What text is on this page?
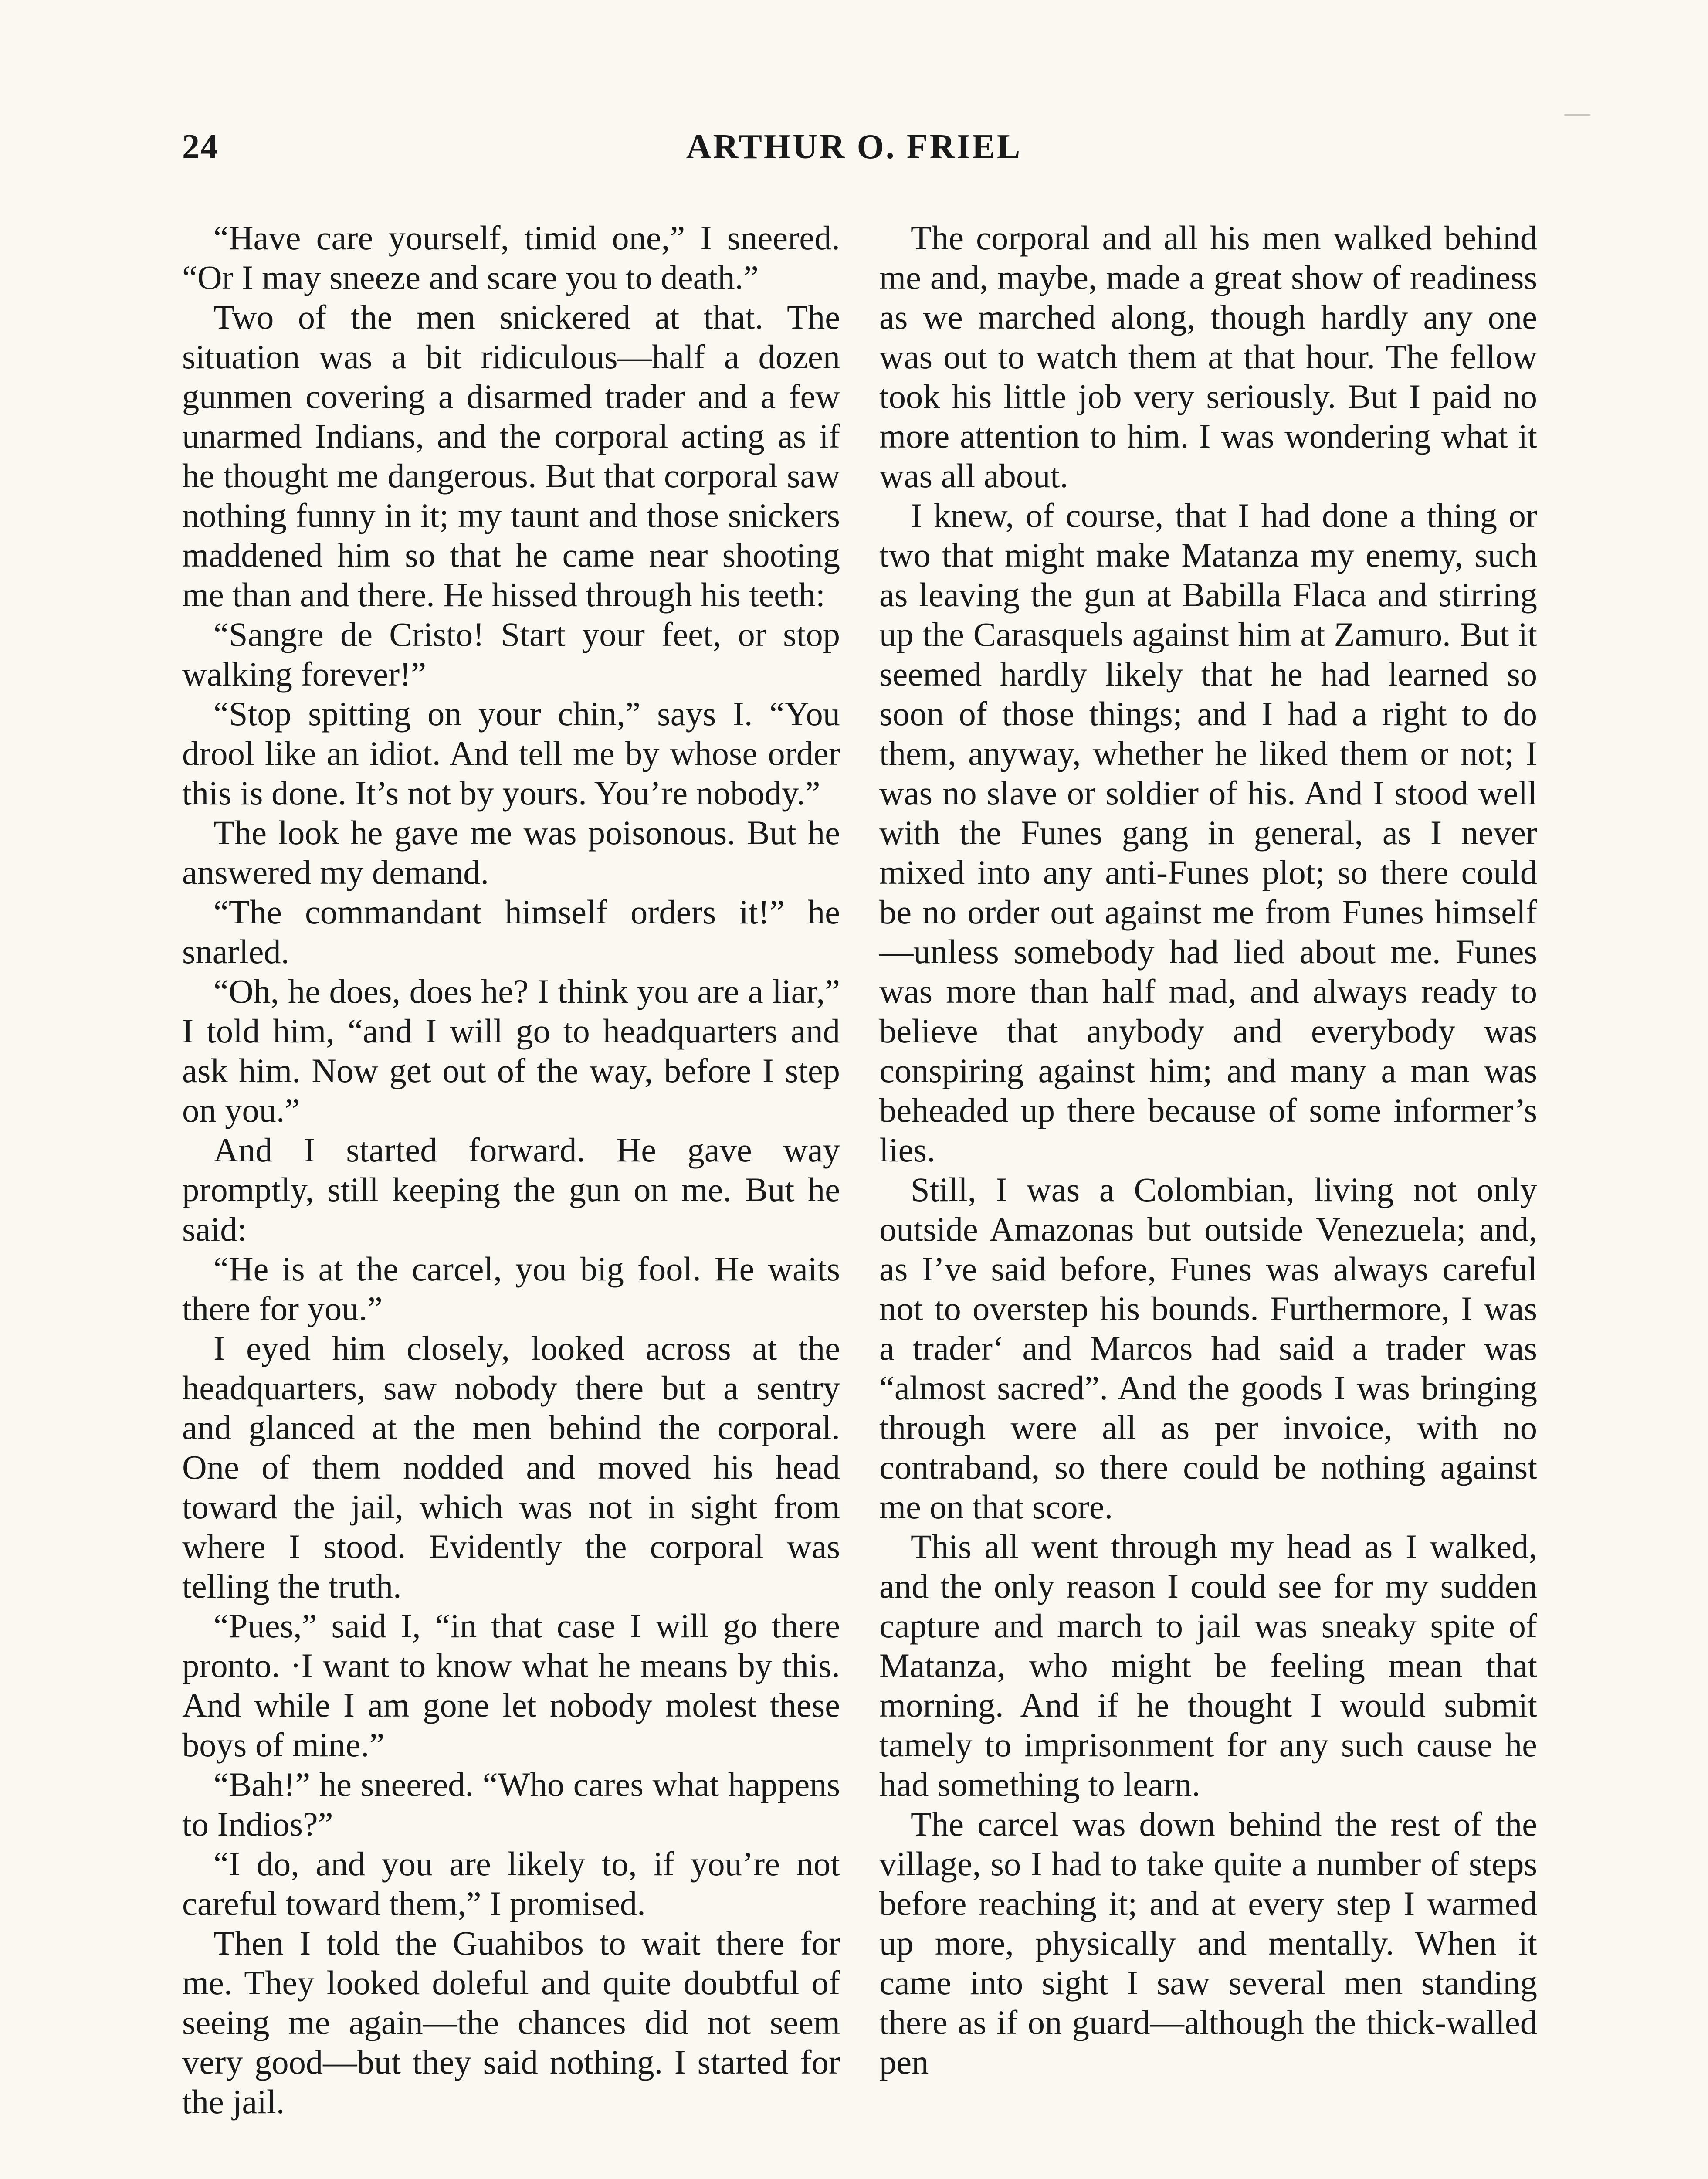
24	ARTHUR O. FRIEL

“Have care yourself, timid one,” I sneered. “Or I may sneeze and scare you to death.”

Two of the men snickered at that. The situation was a bit ridiculous—half a dozen gunmen covering a disarmed trader and a few unarmed Indians, and the corporal acting as if he thought me dangerous. But that corporal saw nothing funny in it; my taunt and those snickers maddened him so that he came near shooting me than and there. He hissed through his teeth:

“Sangre de Cristo! Start your feet, or stop walking forever!”

“Stop spitting on your chin,” says I. “You drool like an idiot. And tell me by whose order this is done. It’s not by yours. You’re nobody.”

The look he gave me was poisonous. But he answered my demand.

“The commandant himself orders it!” he snarled.

“Oh, he does, does he? I think you are a liar,” I told him, “and I will go to headquarters and ask him. Now get out of the way, before I step on you.”

And I started forward. He gave way promptly, still keeping the gun on me. But he said:

“He is at the carcel, you big fool. He waits there for you.”

I eyed him closely, looked across at the headquarters, saw nobody there but a sentry and glanced at the men behind the corporal. One of them nodded and moved his head toward the jail, which was not in sight from where I stood. Evidently the corporal was telling the truth.

“Pues,” said I, “in that case I will go there pronto. ·I want to know what he means by this. And while I am gone let nobody molest these boys of mine.”

“Bah!” he sneered. “Who cares what happens to Indios?”

“I do, and you are likely to, if you’re not careful toward them,” I promised.

Then I told the Guahibos to wait there for me. They looked doleful and quite doubtful of seeing me again—the chances did not seem very good—but they said nothing. I started for the jail.

The corporal and all his men walked behind me and, maybe, made a great show of readiness as we marched along, though hardly any one was out to watch them at that hour. The fellow took his little job very seriously. But I paid no more attention to him. I was wondering what it was all about.

I knew, of course, that I had done a thing or two that might make Matanza my enemy, such as leaving the gun at Babilla Flaca and stirring up the Carasquels against him at Zamuro. But it seemed hardly likely that he had learned so soon of those things; and I had a right to do them, anyway, whether he liked them or not; I was no slave or soldier of his. And I stood well with the Funes gang in general, as I never mixed into any anti-Funes plot; so there could be no order out against me from Funes himself —unless somebody had lied about me. Funes was more than half mad, and always ready to believe that anybody and everybody was conspiring against him; and many a man was beheaded up there because of some informer’s lies.

Still, I was a Colombian, living not only outside Amazonas but outside Venezuela; and, as I’ve said before, Funes was always careful not to overstep his bounds. Furthermore, I was a trader‘ and Marcos had said a trader was “almost sacred”. And the goods I was bringing through were all as per invoice, with no contraband, so there could be nothing against me on that score.

This all went through my head as I walked, and the only reason I could see for my sudden capture and march to jail was sneaky spite of Matanza, who might be feeling mean that morning. And if he thought I would submit tamely to imprisonment for any such cause he had something to learn.

The carcel was down behind the rest of the village, so I had to take quite a number of steps before reaching it; and at every step I warmed up more, physically and mentally. When it came into sight I saw several men standing there as if on guard—although the thick-walled pen
